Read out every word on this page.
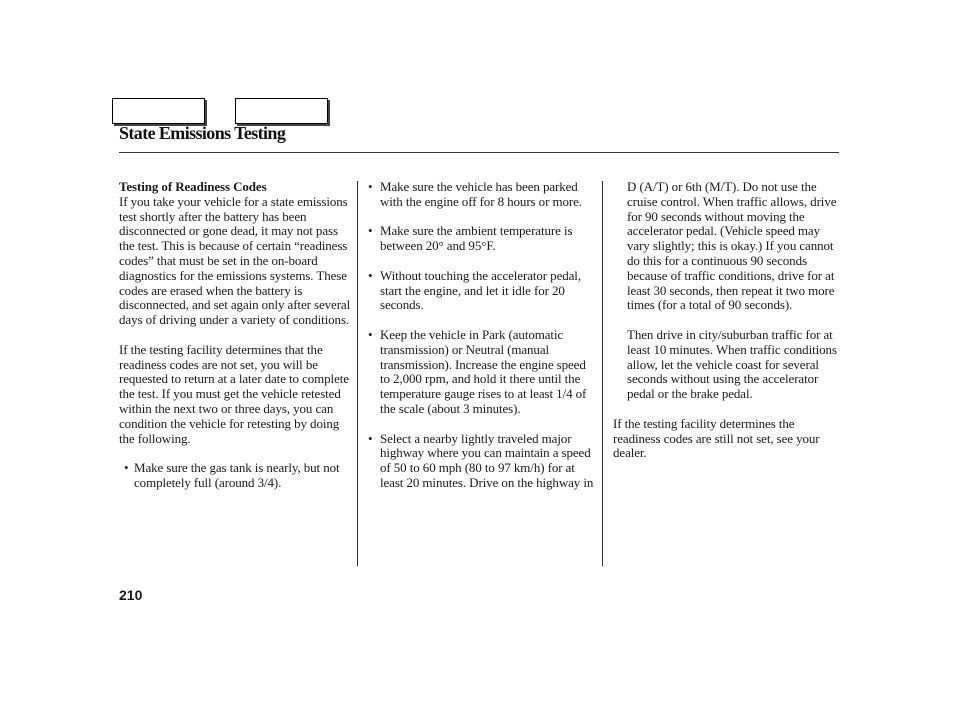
State Emissions Testing

Testing of Readiness Codes
If you take your vehicle for a state emissions test shortly after the battery has been disconnected or gone dead, it may not pass the test. This is because of certain “readiness codes” that must be set in the on-board diagnostics for the emissions systems. These codes are erased when the battery is disconnected, and set again only after several days of driving under a variety of conditions.

If the testing facility determines that the readiness codes are not set, you will be requested to return at a later date to complete the test. If you must get the vehicle retested within the next two or three days, you can condition the vehicle for retesting by doing the following.

• Make sure the gas tank is nearly, but not completely full (around 3/4).
• Make sure the vehicle has been parked with the engine off for 8 hours or more.
• Make sure the ambient temperature is between 20° and 95°F.
• Without touching the accelerator pedal, start the engine, and let it idle for 20 seconds.
• Keep the vehicle in Park (automatic transmission) or Neutral (manual transmission). Increase the engine speed to 2,000 rpm, and hold it there until the temperature gauge rises to at least 1/4 of the scale (about 3 minutes).
• Select a nearby lightly traveled major highway where you can maintain a speed of 50 to 60 mph (80 to 97 km/h) for at least 20 minutes. Drive on the highway in

D (A/T) or 6th (M/T). Do not use the cruise control. When traffic allows, drive for 90 seconds without moving the accelerator pedal. (Vehicle speed may vary slightly; this is okay.) If you cannot do this for a continuous 90 seconds because of traffic conditions, drive for at least 30 seconds, then repeat it two more times (for a total of 90 seconds).

Then drive in city/suburban traffic for at least 10 minutes. When traffic conditions allow, let the vehicle coast for several seconds without using the accelerator pedal or the brake pedal.

If the testing facility determines the readiness codes are still not set, see your dealer.

210
